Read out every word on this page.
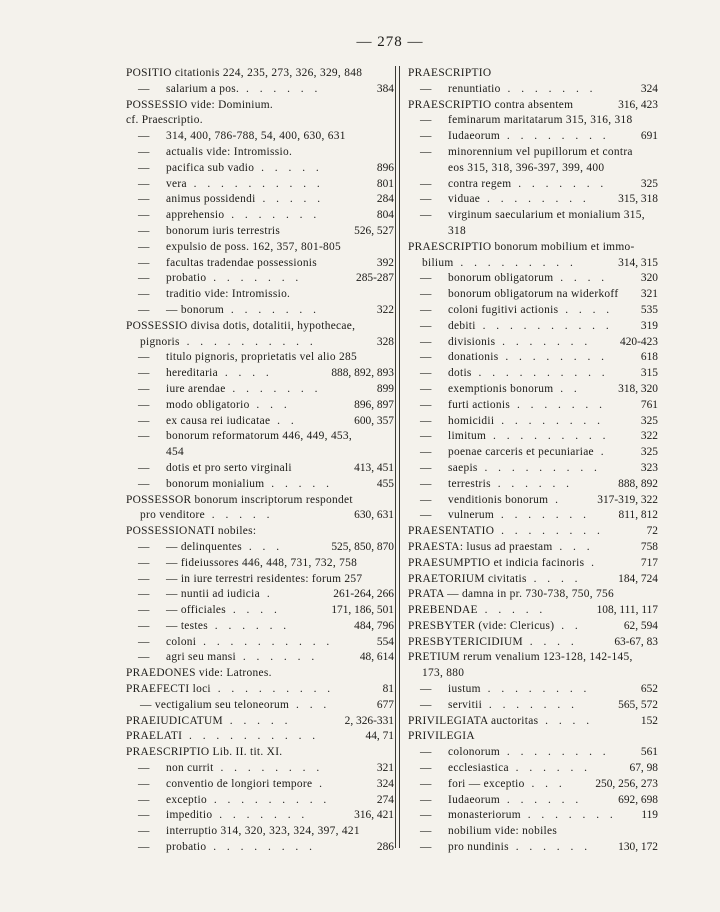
— 278 —
POSITIO citationis 224, 235, 273, 326, 329, 848
— salarium a pos. . . . . . .	384
POSSESSIO vide: Dominium.
cf. Praescriptio.
— 314, 400, 786-788, 54, 400, 630, 631
— actualis vide: Intromissio.
— pacifica sub vadio . . . . .	896
— vera . . . . . . . . . .	801
— animus possidendi . . . . .	284
— apprehensio . . . . . . .	804
— bonorum iuris terrestris	526, 527
— expulsio de poss. 162, 357, 801-805
— facultas tradendae possessionis	392
— probatio . . . . . . .	285-287
— traditio vide: Intromissio.
— — bonorum . . . . . . .	322
POSSESSIO divisa dotis, dotalitii, hypothecae,
pignoris . . . . . . . . . .	328
— titulo pignoris, proprietatis vel alio 285
— hereditaria . . . .	888, 892, 893
— iure arendae . . . . . . .	899
— modo obligatorio . . .	896, 897
— ex causa rei iudicatae . .	600, 357
— bonorum reformatorum 446, 449, 453,
454
— dotis et pro serto virginali	413, 451
— bonorum monialium . . . . .	455
POSSESSOR bonorum inscriptorum respondet
pro venditore . . . . .	630, 631
POSSESSIONATI nobiles:
— — delinquentes . . .	525, 850, 870
— — fideiussores 446, 448, 731, 732, 758
— — in iure terrestri residentes: forum 257
— — nuntii ad iudicia .	261-264, 266
— — officiales . . . .	171, 186, 501
— — testes . . . . . .	484, 796
— coloni . . . . . . . . . .	554
— agri seu mansi . . . . . .	48, 614
PRAEDONES vide: Latrones.
PRAEFECTI loci . . . . . . . . .	81
— vectigalium seu teloneorum . . .	677
PRAEIUDICATUM . . . . .	2, 326-331
PRAELATI . . . . . . . . . .	44, 71
PRAESCRIPTIO Lib. II. tit. XI.
— non currit . . . . . . . .	321
— conventio de longiori tempore .	324
— exceptio . . . . . . . . .	274
— impeditio . . . . . . .	316, 421
— interruptio 314, 320, 323, 324, 397, 421
— probatio . . . . . . . .	286
PRAESCRIPTIO
— renuntiatio . . . . . . .	324
PRAESCRIPTIO contra absentem	316, 423
— feminarum maritatarum 315, 316, 318
— Iudaeorum . . . . . . . .	691
— minorennium vel pupillorum et contra
eos 315, 318, 396-397, 399, 400
— contra regem . . . . . . .	325
— viduae . . . . . . . .	315, 318
— virginum saecularium et monialium 315,
318
PRAESCRIPTIO bonorum mobilium et immo-
bilium . . . . . . . . .	314, 315
— bonorum obligatorum . . . .	320
— bonorum obligatorum na widerkoff	321
— coloni fugitivi actionis . . . .	535
— debiti . . . . . . . . . .	319
— divisionis . . . . . . .	420-423
— donationis . . . . . . . .	618
— dotis . . . . . . . . . .	315
— exemptionis bonorum . .	318, 320
— furti actionis . . . . . . .	761
— homicidii . . . . . . . .	325
— limitum . . . . . . . . .	322
— poenae carceris et pecuniariae .	325
— saepis . . . . . . . . .	323
— terrestris . . . . . .	888, 892
— venditionis bonorum .	317-319, 322
— vulnerum . . . . . . .	811, 812
PRAESENTATIO . . . . . . . .	72
PRAESTA: lusus ad praestam . . .	758
PRAESUMPTIO et indicia facinoris .	717
PRAETORIUM civitatis . . . .	184, 724
PRATA — damna in pr. 730-738, 750, 756
PREBENDAE . . . . .	108, 111, 117
PRESBYTER (vide: Clericus) . .	62, 594
PRESBYTERICIDIUM . . . .	63-67, 83
PRETIUM rerum venalium 123-128, 142-145,
173, 880
— iustum . . . . . . . .	652
— servitii . . . . . . .	565, 572
PRIVILEGIATA auctoritas . . . .	152
PRIVILEGIA
— colonorum . . . . . . . .	561
— ecclesiastica . . . . . .	67, 98
— fori — exceptio . . .	250, 256, 273
— Iudaeorum . . . . . .	692, 698
— monasteriorum . . . . . . .	119
— nobilium vide: nobiles
— pro nundinis . . . . . .	130, 172
